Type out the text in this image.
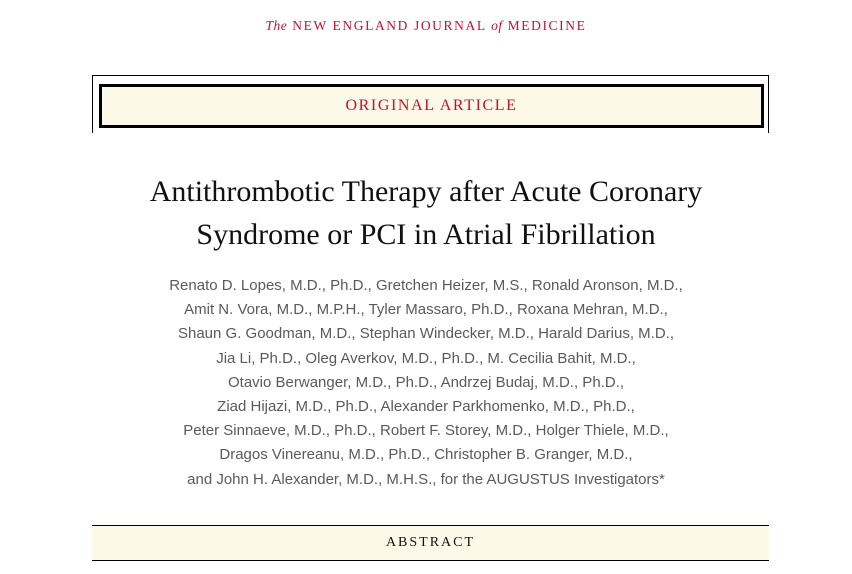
The NEW ENGLAND JOURNAL of MEDICINE
ORIGINAL ARTICLE
Antithrombotic Therapy after Acute Coronary
Syndrome or PCI in Atrial Fibrillation
Renato D. Lopes, M.D., Ph.D., Gretchen Heizer, M.S., Ronald Aronson, M.D.,
Amit N. Vora, M.D., M.P.H., Tyler Massaro, Ph.D., Roxana Mehran, M.D.,
Shaun G. Goodman, M.D., Stephan Windecker, M.D., Harald Darius, M.D.,
Jia Li, Ph.D., Oleg Averkov, M.D., Ph.D., M. Cecilia Bahit, M.D.,
Otavio Berwanger, M.D., Ph.D., Andrzej Budaj, M.D., Ph.D.,
Ziad Hijazi, M.D., Ph.D., Alexander Parkhomenko, M.D., Ph.D.,
Peter Sinnaeve, M.D., Ph.D., Robert F. Storey, M.D., Holger Thiele, M.D.,
Dragos Vinereanu, M.D., Ph.D., Christopher B. Granger, M.D.,
and John H. Alexander, M.D., M.H.S., for the AUGUSTUS Investigators*
ABSTRACT
